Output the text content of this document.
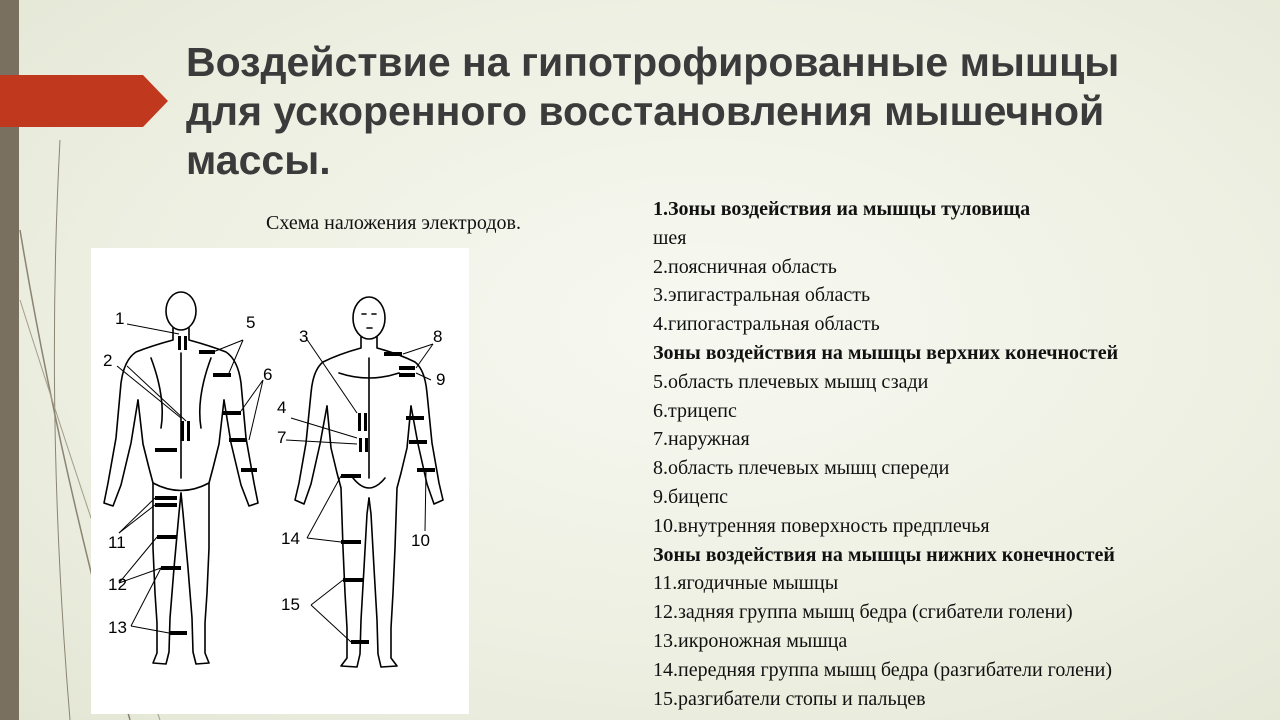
Воздействие на гипотрофированные мышцы
для ускоренного восстановления мышечной
массы.
Схема наложения электродов.
1
2
3
4
5
6
7
8
9
10
11
12
13
14
15
1.Зоны воздействия иа мышцы туловища
шея
2.поясничная область
3.эпигастральная область
4.гипогастральная область
Зоны воздействия на мышцы верхних конечностей
5.область плечевых мышц сзади
6.трицепс
7.наружная
8.область плечевых мышц спереди
9.бицепс
10.внутренняя поверхность предплечья
Зоны воздействия на мышцы нижних конечностей
11.ягодичные мышцы
12.задняя группа мышц бедра (сгибатели голени)
13.икроножная мышца
14.передняя группа мышц бедра (разгибатели голени)
15.разгибатели стопы и пальцев
